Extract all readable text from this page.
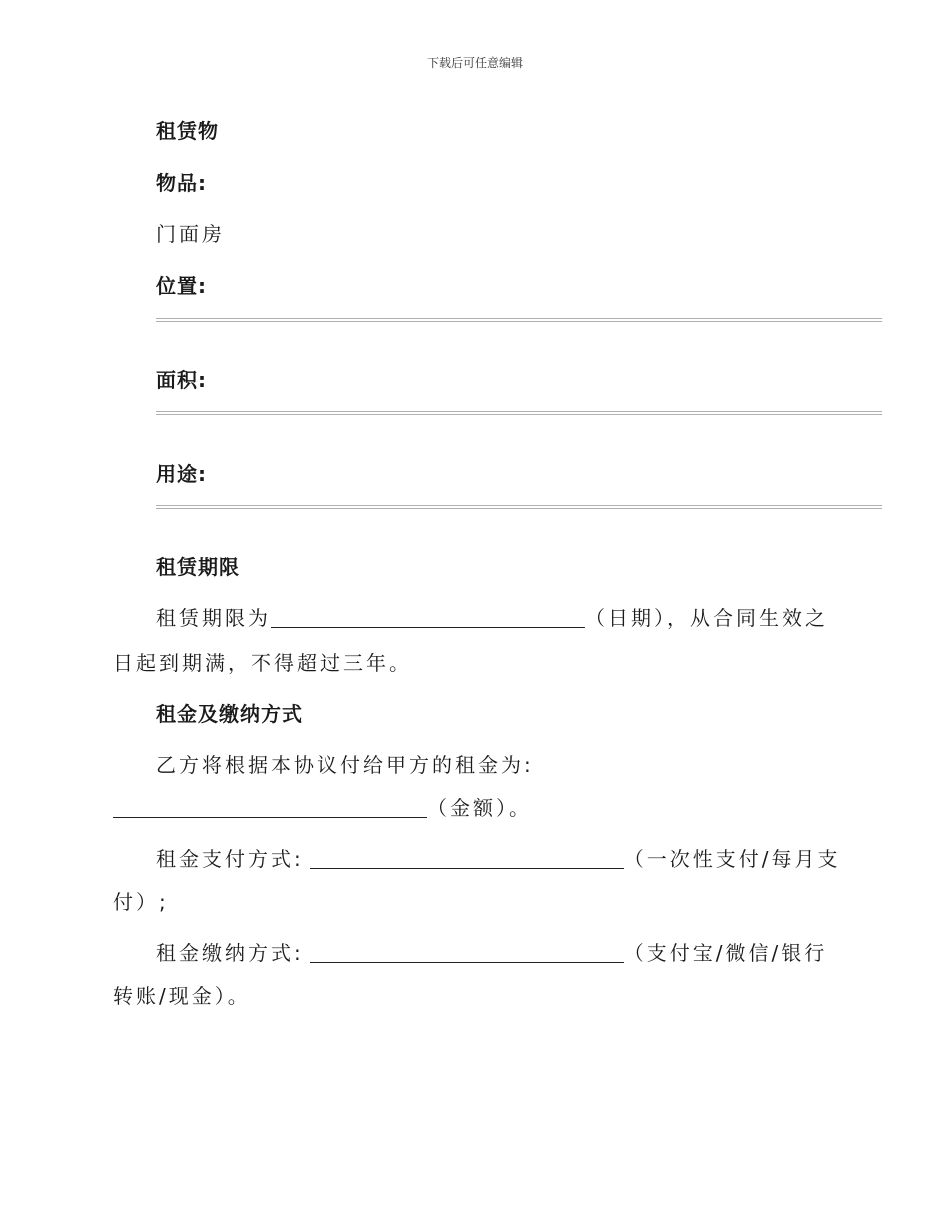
下载后可任意编辑
租赁物
物品:
门面房
位置:
面积:
用途:
租赁期限
租赁期限为	（日期），从合同生效之
日起到期满，不得超过三年。
租金及缴纳方式
乙方将根据本协议付给甲方的租金为:
（金额）。
租金支付方式:	（一次性支付/每月支
付）;
租金缴纳方式:	（支付宝/微信/银行
转账/现金）。
